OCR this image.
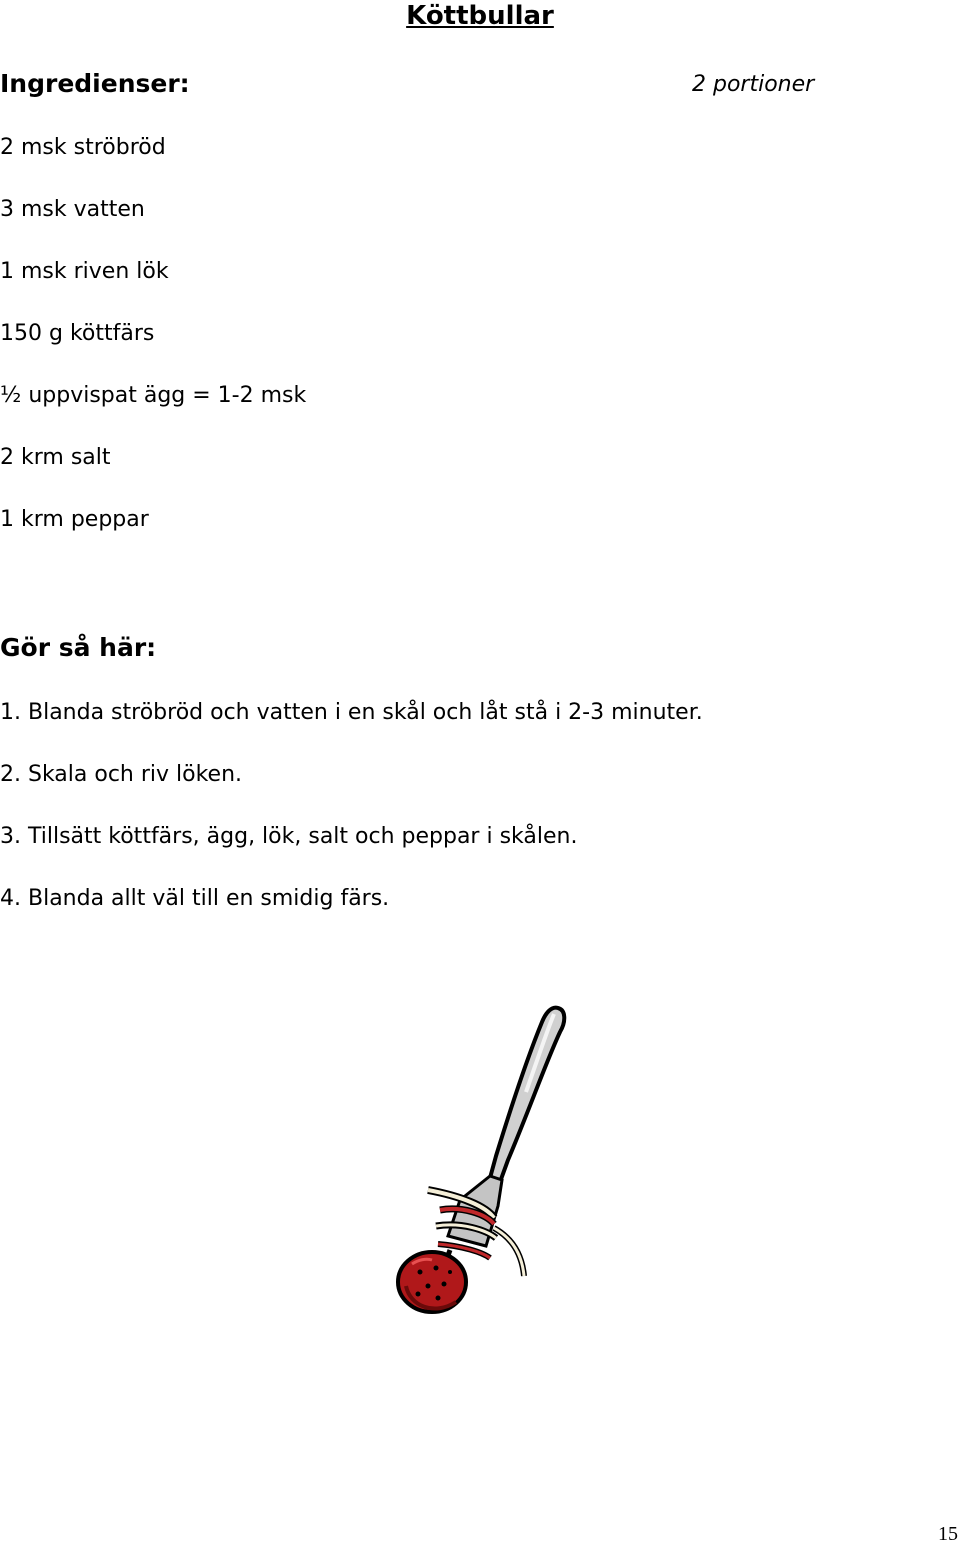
Köttbullar
Ingredienser:	2 portioner
2 msk ströbröd
3 msk vatten
1 msk riven lök
150 g köttfärs
½ uppvispat ägg = 1-2 msk
2 krm salt
1 krm peppar
Gör så här:
1. Blanda ströbröd och vatten i en skål och låt stå i 2-3 minuter.
2. Skala och riv löken.
3. Tillsätt köttfärs, ägg, lök, salt och peppar i skålen.
4. Blanda allt väl till en smidig färs.
15
